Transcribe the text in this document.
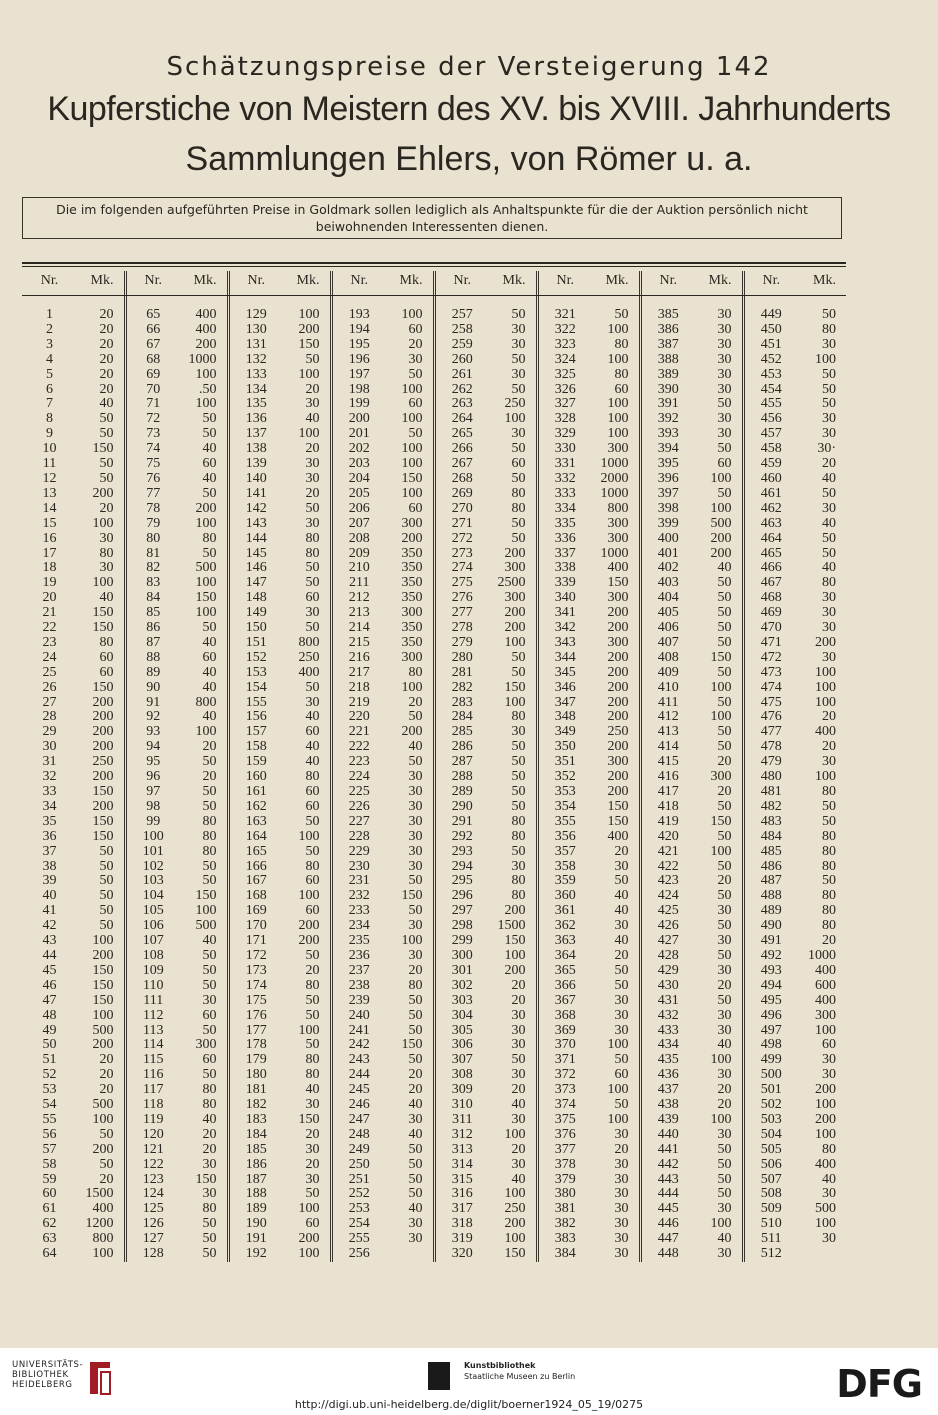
Schätzungspreise der Versteigerung 142
Kupferstiche von Meistern des XV. bis XVIII. Jahrhunderts
Sammlungen Ehlers, von Römer u. a.
Die im folgenden aufgeführten Preise in Goldmark sollen lediglich als Anhaltspunkte für die der Auktion persönlich nicht beiwohnenden Interessenten dienen.
Nr.	Mk.	Nr.	Mk.	Nr.	Mk.	Nr.	Mk.	Nr.	Mk.	Nr.	Mk.	Nr.	Mk.	Nr.	Mk.

1	20	65	400	129	100	193	100	257	50	321	50	385	30	449	50
2	20	66	400	130	200	194	60	258	30	322	100	386	30	450	80
3	20	67	200	131	150	195	20	259	30	323	80	387	30	451	30
4	20	68	1000	132	50	196	30	260	50	324	100	388	30	452	100
5	20	69	100	133	100	197	50	261	30	325	80	389	30	453	50
6	20	70	.50	134	20	198	100	262	50	326	60	390	30	454	50
7	40	71	100	135	30	199	60	263	250	327	100	391	50	455	50
8	50	72	50	136	40	200	100	264	100	328	100	392	30	456	30
9	50	73	50	137	100	201	50	265	30	329	100	393	30	457	30
10	150	74	40	138	20	202	100	266	50	330	300	394	50	458	30·
11	50	75	60	139	30	203	100	267	60	331	1000	395	60	459	20
12	50	76	40	140	30	204	150	268	50	332	2000	396	100	460	40
13	200	77	50	141	20	205	100	269	80	333	1000	397	50	461	50
14	20	78	200	142	50	206	60	270	80	334	800	398	100	462	30
15	100	79	100	143	30	207	300	271	50	335	300	399	500	463	40
16	30	80	80	144	80	208	200	272	50	336	300	400	200	464	50
17	80	81	50	145	80	209	350	273	200	337	1000	401	200	465	50
18	30	82	500	146	50	210	350	274	300	338	400	402	40	466	40
19	100	83	100	147	50	211	350	275	2500	339	150	403	50	467	80
20	40	84	150	148	60	212	350	276	300	340	300	404	50	468	30
21	150	85	100	149	30	213	300	277	200	341	200	405	50	469	30
22	150	86	50	150	50	214	350	278	200	342	200	406	50	470	30
23	80	87	40	151	800	215	350	279	100	343	300	407	50	471	200
24	60	88	60	152	250	216	300	280	50	344	200	408	150	472	30
25	60	89	40	153	400	217	80	281	50	345	200	409	50	473	100
26	150	90	40	154	50	218	100	282	150	346	200	410	100	474	100
27	200	91	800	155	30	219	20	283	100	347	200	411	50	475	100
28	200	92	40	156	40	220	50	284	80	348	200	412	100	476	20
29	200	93	100	157	60	221	200	285	30	349	250	413	50	477	400
30	200	94	20	158	40	222	40	286	50	350	200	414	50	478	20
31	250	95	50	159	40	223	50	287	50	351	300	415	20	479	30
32	200	96	20	160	80	224	30	288	50	352	200	416	300	480	100
33	150	97	50	161	60	225	30	289	50	353	200	417	20	481	80
34	200	98	50	162	60	226	30	290	50	354	150	418	50	482	50
35	150	99	80	163	50	227	30	291	80	355	150	419	150	483	50
36	150	100	80	164	100	228	30	292	80	356	400	420	50	484	80
37	50	101	80	165	50	229	30	293	50	357	20	421	100	485	80
38	50	102	50	166	80	230	30	294	30	358	30	422	50	486	80
39	50	103	50	167	60	231	50	295	80	359	50	423	20	487	50
40	50	104	150	168	100	232	150	296	80	360	40	424	50	488	80
41	50	105	100	169	60	233	50	297	200	361	40	425	30	489	80
42	50	106	500	170	200	234	30	298	1500	362	30	426	50	490	80
43	100	107	40	171	200	235	100	299	150	363	40	427	30	491	20
44	200	108	50	172	50	236	30	300	100	364	20	428	50	492	1000
45	150	109	50	173	20	237	20	301	200	365	50	429	30	493	400
46	150	110	50	174	80	238	80	302	20	366	50	430	20	494	600
47	150	111	30	175	50	239	50	303	20	367	30	431	50	495	400
48	100	112	60	176	50	240	50	304	30	368	30	432	30	496	300
49	500	113	50	177	100	241	50	305	30	369	30	433	30	497	100
50	200	114	300	178	50	242	150	306	30	370	100	434	40	498	60
51	20	115	60	179	80	243	50	307	50	371	50	435	100	499	30
52	20	116	50	180	80	244	20	308	30	372	60	436	30	500	30
53	20	117	80	181	40	245	20	309	20	373	100	437	20	501	200
54	500	118	80	182	30	246	40	310	40	374	50	438	20	502	100
55	100	119	40	183	150	247	30	311	30	375	100	439	100	503	200
56	50	120	20	184	20	248	40	312	100	376	30	440	30	504	100
57	200	121	20	185	30	249	50	313	20	377	20	441	50	505	80
58	50	122	30	186	20	250	50	314	30	378	30	442	50	506	400
59	20	123	150	187	30	251	50	315	40	379	30	443	50	507	40
60	1500	124	30	188	50	252	50	316	100	380	30	444	50	508	30
61	400	125	80	189	100	253	40	317	250	381	30	445	30	509	500
62	1200	126	50	190	60	254	30	318	200	382	30	446	100	510	100
63	800	127	50	191	200	255	30	319	100	383	30	447	40	511	30
64	100	128	50	192	100	256		320	150	384	30	448	30	512	
UNIVERSITÄTS- BIBLIOTHEK HEIDELBERG
Kunstbibliothek
Staatliche Museen zu Berlin	DFG
http://digi.ub.uni-heidelberg.de/diglit/boerner1924_05_19/0275
